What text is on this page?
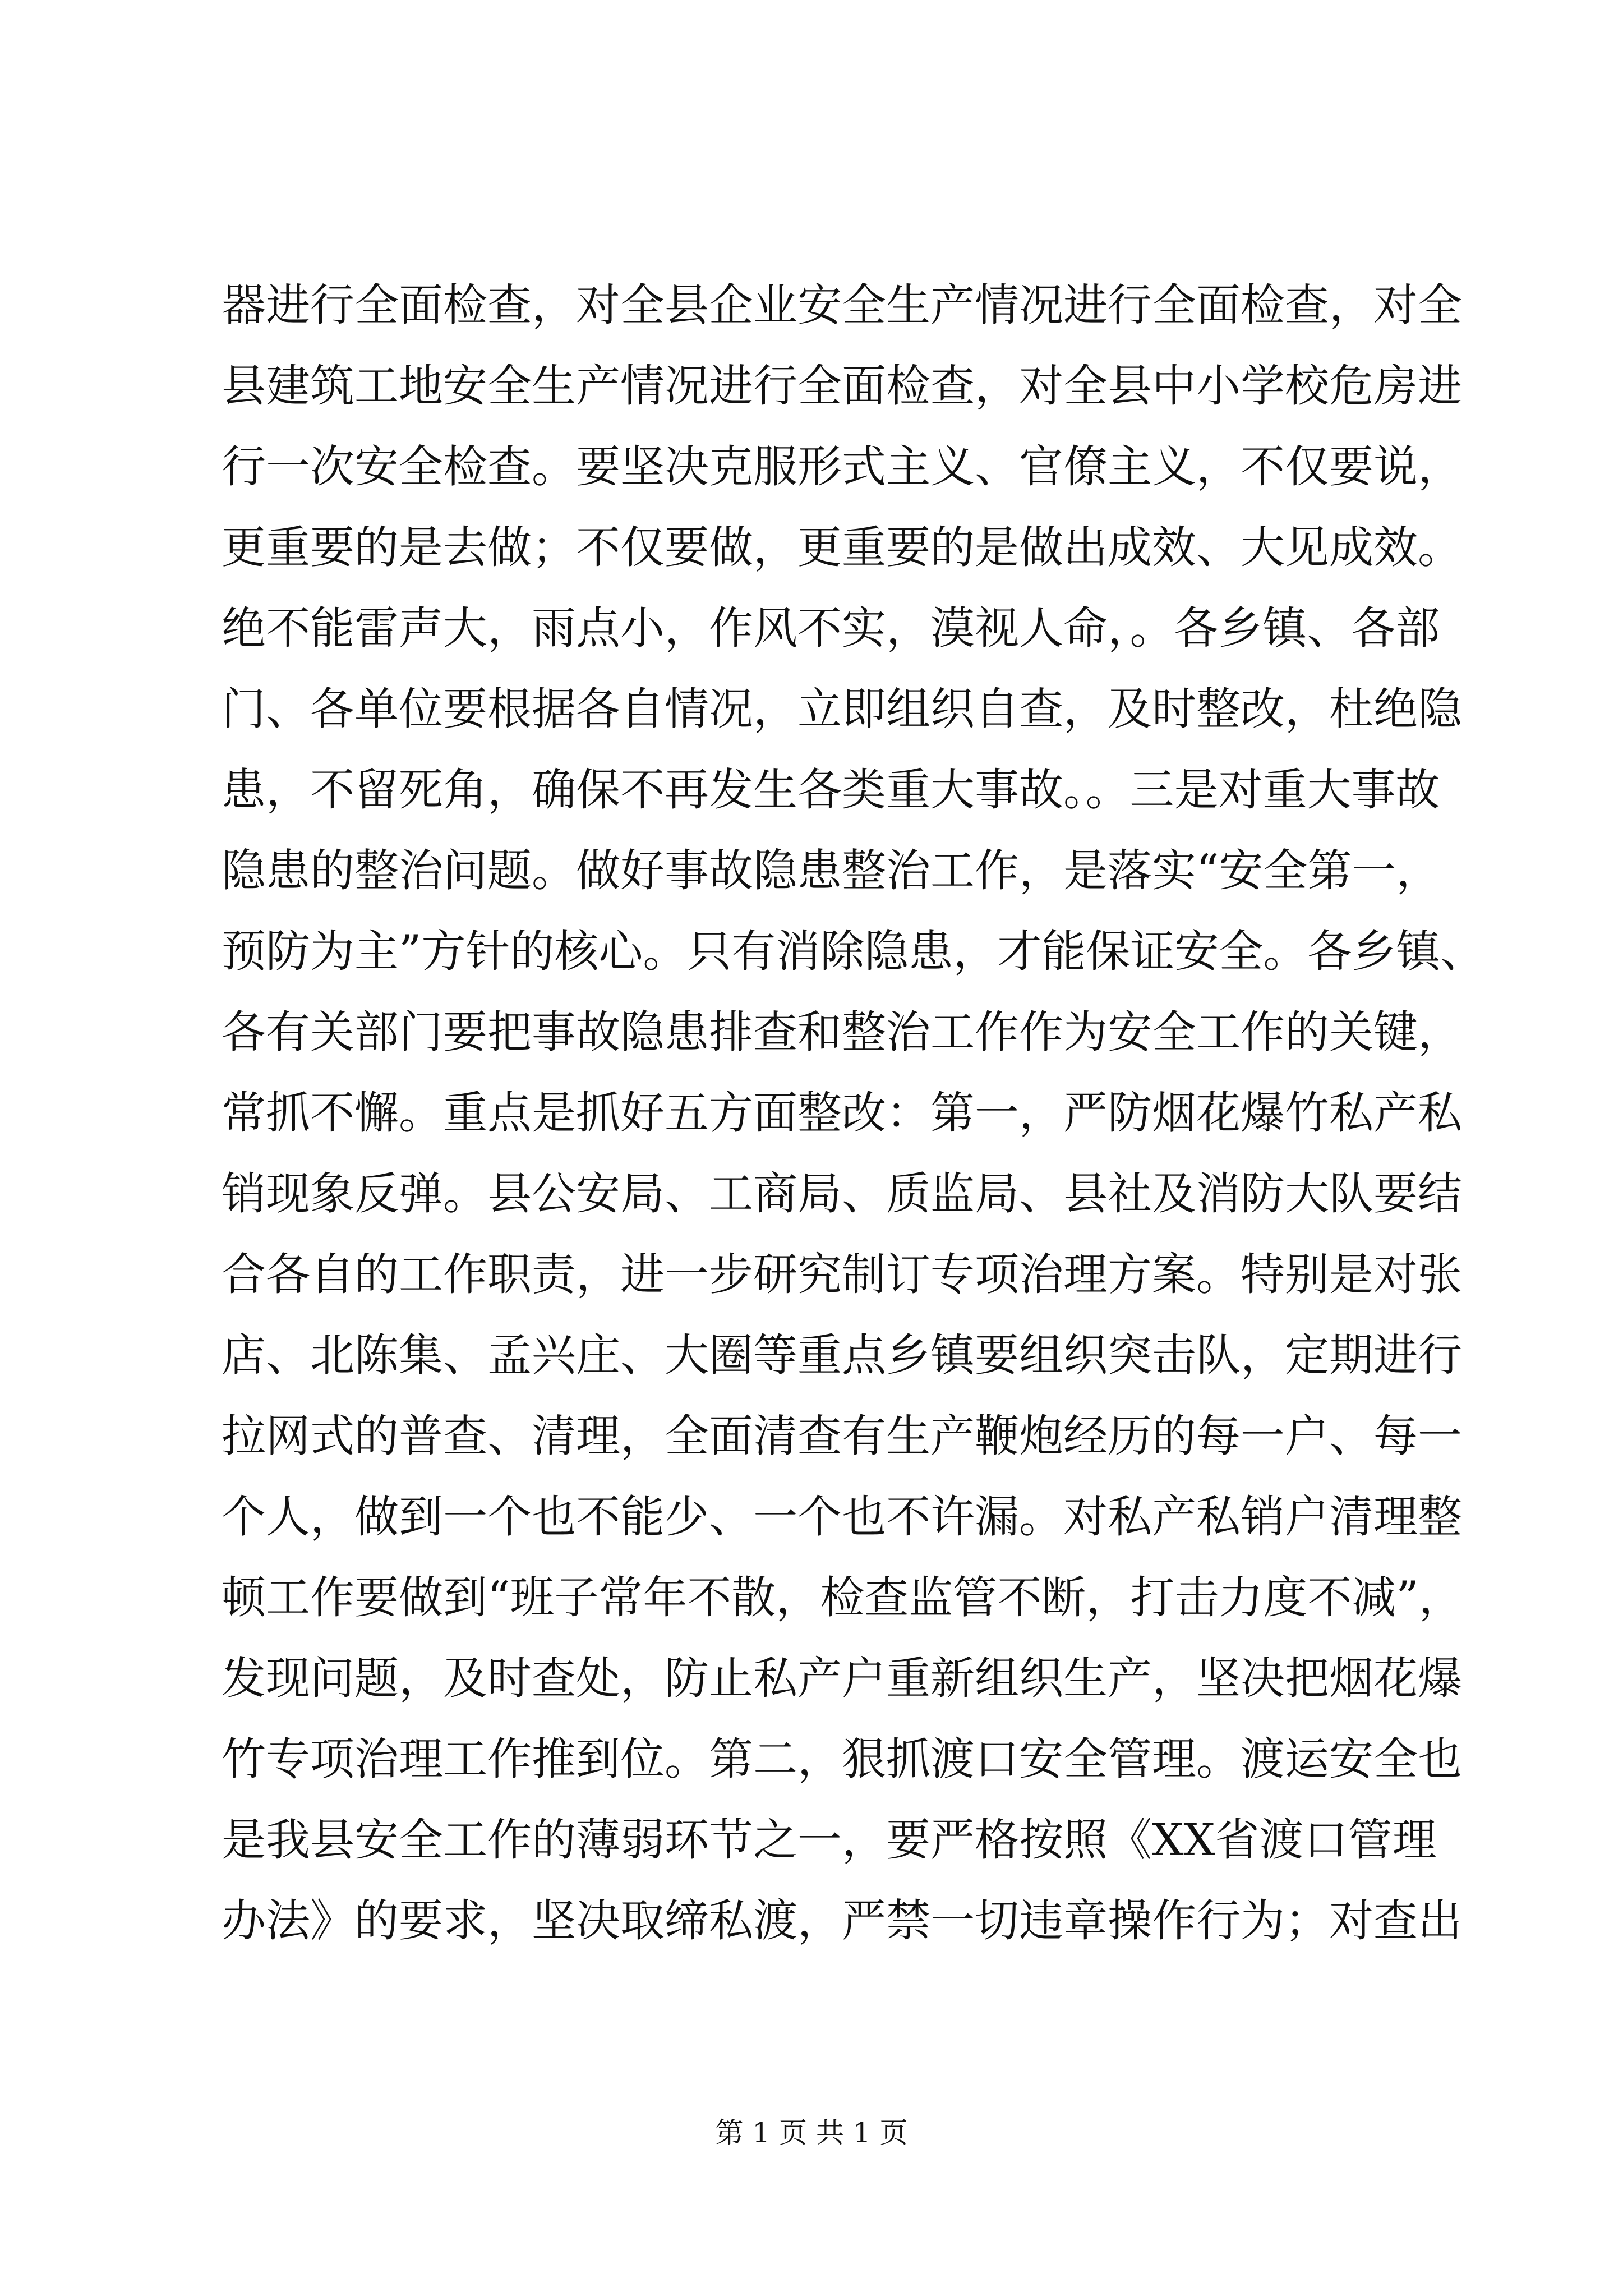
器进行全面检查，对全县企业安全生产情况进行全面检查，对全
县建筑工地安全生产情况进行全面检查，对全县中小学校危房进
行一次安全检查。要坚决克服形式主义、官僚主义，不仅要说，
更重要的是去做；不仅要做，更重要的是做出成效、大见成效。
绝不能雷声大，雨点小，作风不实，漠视人命，。各乡镇、各部
门、各单位要根据各自情况，立即组织自查，及时整改，杜绝隐
患，不留死角，确保不再发生各类重大事故。。三是对重大事故
隐患的整治问题。做好事故隐患整治工作，是落实“安全第一，
预防为主”方针的核心。只有消除隐患，才能保证安全。各乡镇、
各有关部门要把事故隐患排查和整治工作作为安全工作的关键，
常抓不懈。重点是抓好五方面整改：第一，严防烟花爆竹私产私
销现象反弹。县公安局、工商局、质监局、县社及消防大队要结
合各自的工作职责，进一步研究制订专项治理方案。特别是对张
店、北陈集、孟兴庄、大圈等重点乡镇要组织突击队，定期进行
拉网式的普查、清理，全面清查有生产鞭炮经历的每一户、每一
个人，做到一个也不能少、一个也不许漏。对私产私销户清理整
顿工作要做到“班子常年不散，检查监管不断，打击力度不减”，
发现问题，及时查处，防止私产户重新组织生产，坚决把烟花爆
竹专项治理工作推到位。第二，狠抓渡口安全管理。渡运安全也
是我县安全工作的薄弱环节之一，要严格按照《XX省渡口管理
办法》的要求，坚决取缔私渡，严禁一切违章操作行为；对查出
第 1 页 共 1 页
